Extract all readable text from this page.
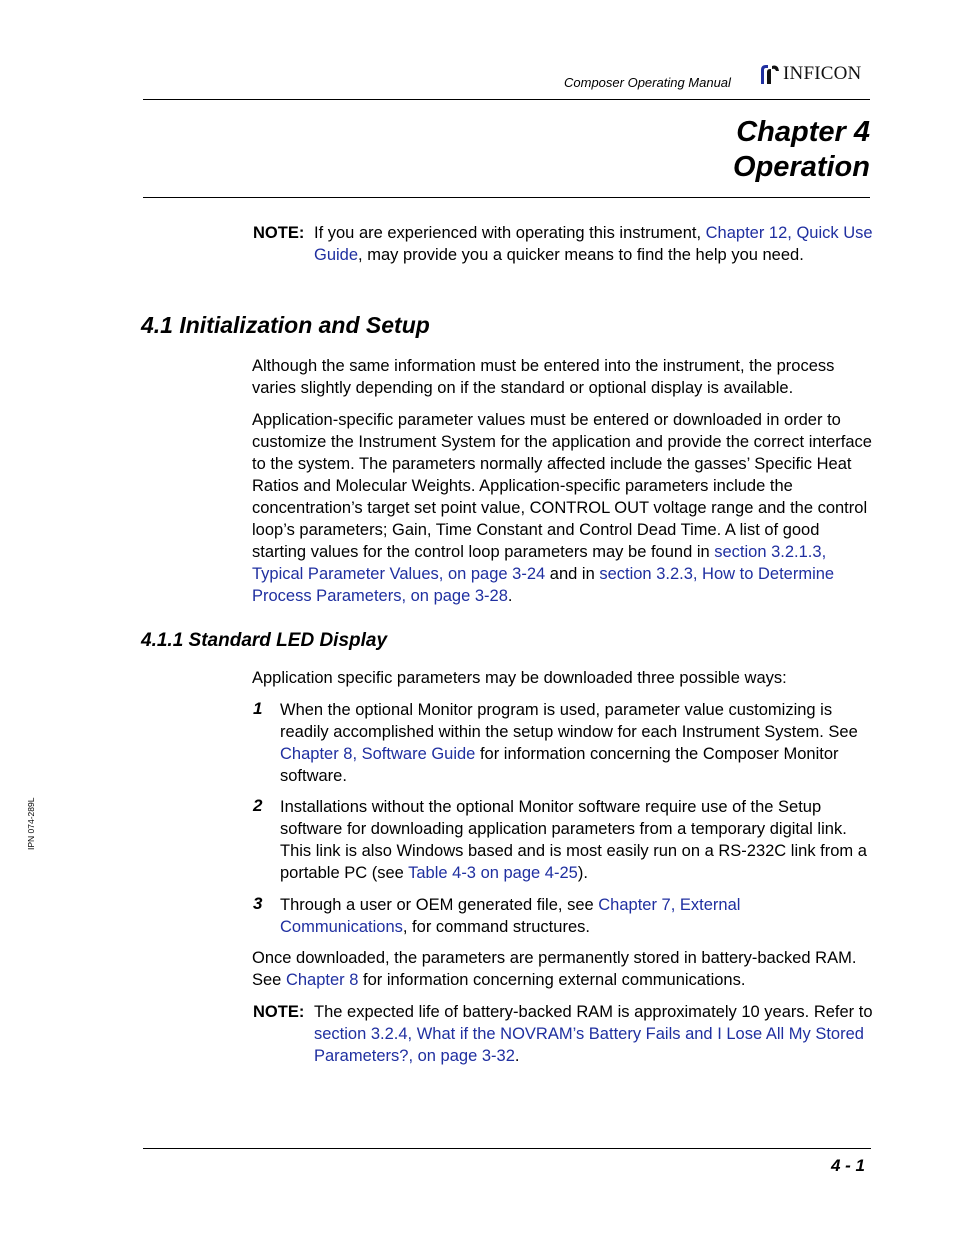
Composer Operating Manual	INFICON
Chapter 4
Operation
NOTE: If you are experienced with operating this instrument, Chapter 12, Quick Use Guide, may provide you a quicker means to find the help you need.
4.1 Initialization and Setup
Although the same information must be entered into the instrument, the process varies slightly depending on if the standard or optional display is available.
Application-specific parameter values must be entered or downloaded in order to customize the Instrument System for the application and provide the correct interface to the system. The parameters normally affected include the gasses’ Specific Heat Ratios and Molecular Weights. Application-specific parameters include the concentration’s target set point value, CONTROL OUT voltage range and the control loop’s parameters; Gain, Time Constant and Control Dead Time. A list of good starting values for the control loop parameters may be found in section 3.2.1.3, Typical Parameter Values, on page 3-24 and in section 3.2.3, How to Determine Process Parameters, on page 3-28.
4.1.1 Standard LED Display
Application specific parameters may be downloaded three possible ways:
1 When the optional Monitor program is used, parameter value customizing is readily accomplished within the setup window for each Instrument System. See Chapter 8, Software Guide for information concerning the Composer Monitor software.
2 Installations without the optional Monitor software require use of the Setup software for downloading application parameters from a temporary digital link. This link is also Windows based and is most easily run on a RS-232C link from a portable PC (see Table 4-3 on page 4-25).
3 Through a user or OEM generated file, see Chapter 7, External Communications, for command structures.
Once downloaded, the parameters are permanently stored in battery-backed RAM. See Chapter 8 for information concerning external communications.
NOTE: The expected life of battery-backed RAM is approximately 10 years. Refer to section 3.2.4, What if the NOVRAM’s Battery Fails and I Lose All My Stored Parameters?, on page 3-32.
IPN 074-289L
4 - 1
